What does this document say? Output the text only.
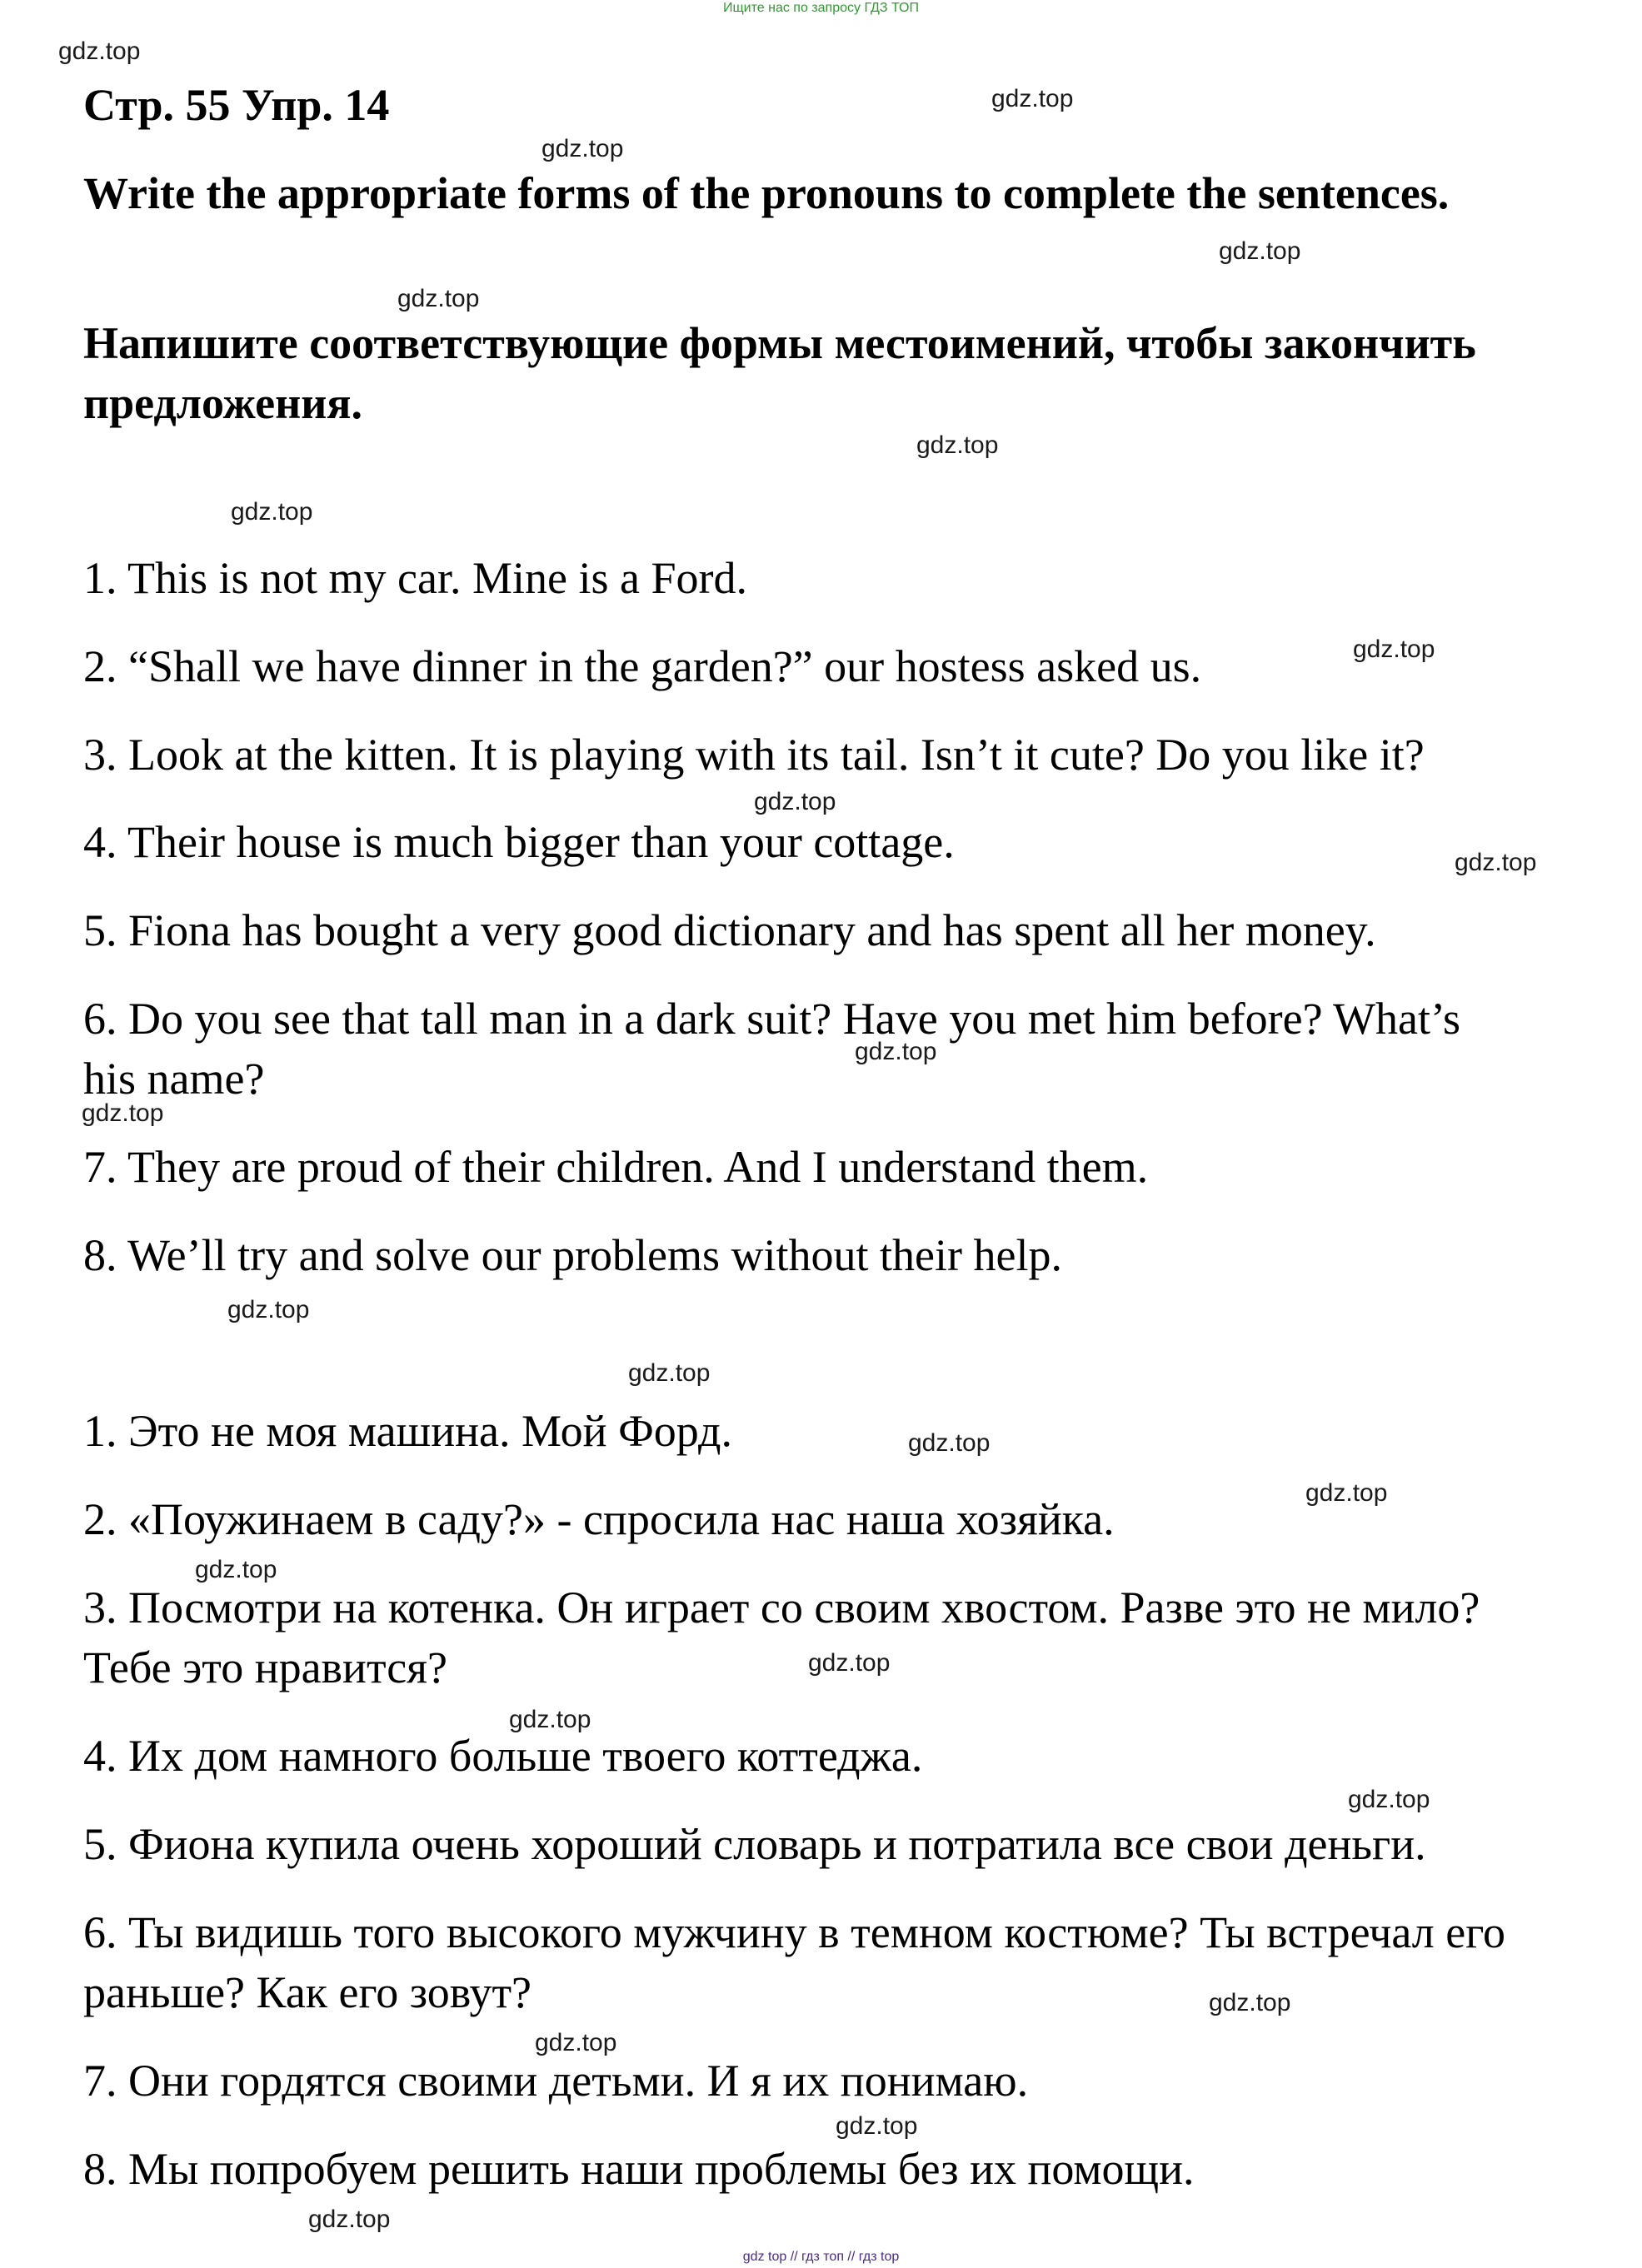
Ищите нас по запросу ГДЗ ТОП
Стр. 55 Упр. 14
Write the appropriate forms of the pronouns to complete the sentences.
Напишите соответствующие формы местоимений, чтобы закончить предложения.
1. This is not my car. Mine is a Ford.
2. “Shall we have dinner in the garden?” our hostess asked us.
3. Look at the kitten. It is playing with its tail. Isn’t it cute? Do you like it?
4. Their house is much bigger than your cottage.
5. Fiona has bought a very good dictionary and has spent all her money.
6. Do you see that tall man in a dark suit? Have you met him before? What’s his name?
7. They are proud of their children. And I understand them.
8. We’ll try and solve our problems without their help.
1. Это не моя машина. Мой Форд.
2. «Поужинаем в саду?» - спросила нас наша хозяйка.
3. Посмотри на котенка. Он играет со своим хвостом. Разве это не мило? Тебе это нравится?
4. Их дом намного больше твоего коттеджа.
5. Фиона купила очень хороший словарь и потратила все свои деньги.
6. Ты видишь того высокого мужчину в темном костюме? Ты встречал его раньше? Как его зовут?
7. Они гордятся своими детьми. И я их понимаю.
8. Мы попробуем решить наши проблемы без их помощи.
gdz.top
gdz.top
gdz.top
gdz.top
gdz.top
gdz.top
gdz.top
gdz.top
gdz.top
gdz.top
gdz.top
gdz.top
gdz.top
gdz.top
gdz.top
gdz.top
gdz.top
gdz.top
gdz.top
gdz.top
gdz.top
gdz.top
gdz.top
gdz.top
gdz top // гдз топ // гдз top
